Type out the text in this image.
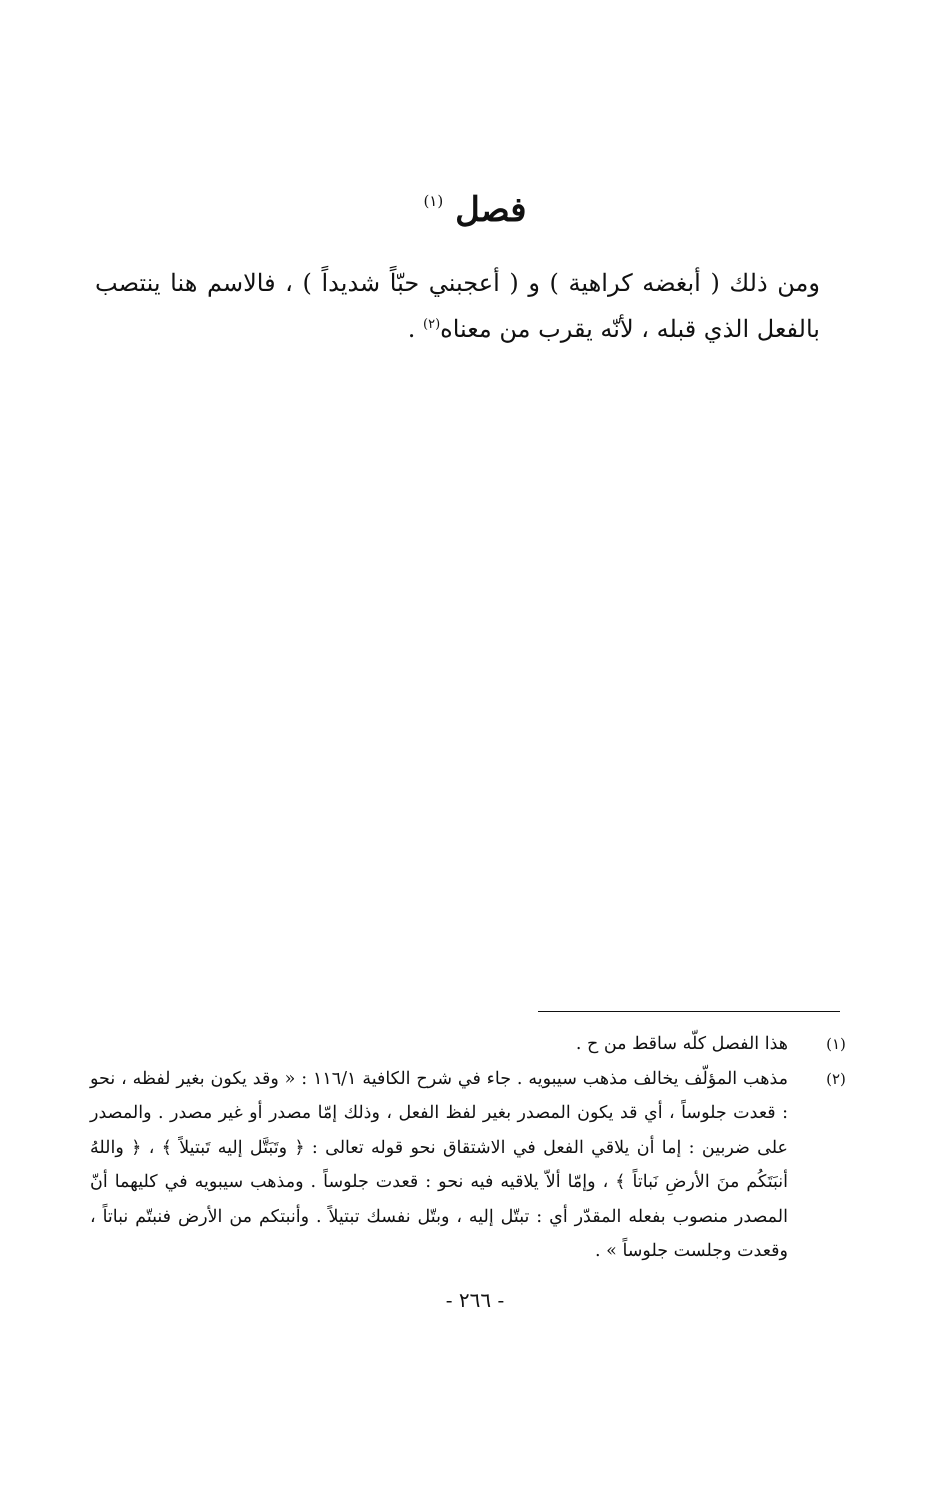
فصل $^{(١)}$
ومن ذلك ( أبغضه كراهية ) و ( أعجبني حبّاً شديداً ) ، فالاسم هنا ينتصب بالفعل الذي قبله ، لأنّه يقرب من معناه$^{(٢)}$ .
(١)
هذا الفصل كلّه ساقط من ح .
(٢)
مذهب المؤلّف يخالف مذهب سيبويه . جاء في شرح الكافية ١١٦/١ : « وقد يكون بغير لفظه ، نحو : قعدت جلوساً ، أي قد يكون المصدر بغير لفظ الفعل ، وذلك إمّا مصدر أو غير مصدر . والمصدر على ضربين : إما أن يلاقي الفعل في الاشتقاق نحو قوله تعالى : ﴿ وتَبَتَّل إليه تَبتيلاً ﴾ ، ﴿ واللهُ أنبَتَكُم منَ الأرضِ نَباتاً ﴾ ، وإمّا ألاّ يلاقيه فيه نحو : قعدت جلوساً . ومذهب سيبويه في كليهما أنّ المصدر منصوب بفعله المقدّر أي : تبتّل إليه ، وبتّل نفسك تبتيلاً . وأنبتكم من الأرض فنبتّم نباتاً ، وقعدت وجلست جلوساً » .
- ٢٦٦ -
